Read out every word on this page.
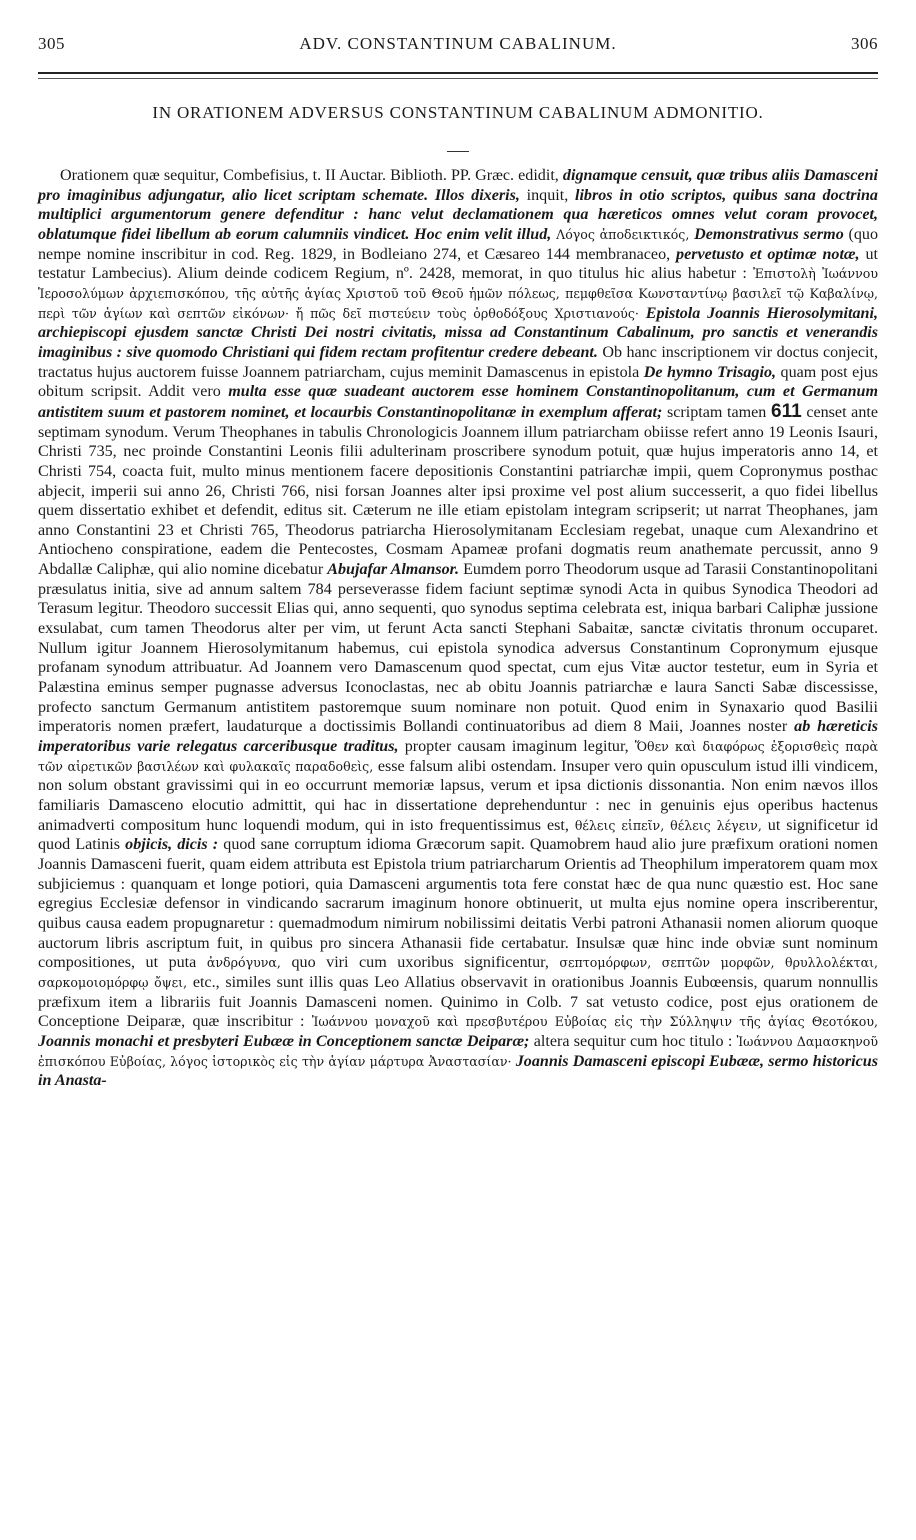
305	ADV. CONSTANTINUM CABALINUM.	306
IN ORATIONEM ADVERSUS CONSTANTINUM CABALINUM ADMONITIO.

Orationem quæ sequitur, Combefisius, t. II Auctar. Biblioth. PP. Græc. edidit, dignamque censuit, quæ tribus aliis Damasceni pro imaginibus adjungatur, alio licet scriptam schemate. Illos dixeris, inquit, libros in otio scriptos, quibus sana doctrina multiplici argumentorum genere defenditur : hanc velut declamationem qua hæreticos omnes velut coram provocet, oblatumque fidei libellum ab eorum calumniis vindicet. Hoc enim velit illud, Λόγος ἀποδεικτικός, Demonstrativus sermo (quo nempe nomine inscribitur in cod. Reg. 1829, in Bodleiano 274, et Cæsareo 144 membranaceo, pervetusto et optimæ notæ, ut testatur Lambecius). Alium deinde codicem Regium, nº. 2428, memorat, in quo titulus hic alius habetur : Ἐπιστολὴ Ἰωάννου Ἱεροσολύμων ἀρχιεπισκόπου, τῆς αὐτῆς ἁγίας Χριστοῦ τοῦ Θεοῦ ἡμῶν πόλεως, πεμφθεῖσα Κωνσταντίνῳ βασιλεῖ τῷ Καβαλίνῳ, περὶ τῶν ἁγίων καὶ σεπτῶν εἰκόνων· ἤ πῶς δεῖ πιστεύειν τοὺς ὀρθοδόξους Χριστιανούς· Epistola Joannis Hierosolymitani, archiepiscopi ejusdem sanctæ Christi Dei nostri civitatis, missa ad Constantinum Cabalinum, pro sanctis et venerandis imaginibus : sive quomodo Christiani qui fidem rectam profitentur credere debeant. Ob hanc inscriptionem vir doctus conjecit, tractatus hujus auctorem fuisse Joannem patriarcham, cujus meminit Damascenus in epistola De hymno Trisagio, quam post ejus obitum scripsit. Addit vero multa esse quæ suadeant auctorem esse hominem Constantinopolitanum, cum et Germanum antistitem suum et pastorem nominet, et locaurbis Constantinopolitanæ in exemplum afferat; scriptam tamen 611 censet ante septimam synodum. Verum Theophanes in tabulis Chronologicis Joannem illum patriarcham obiisse refert anno 19 Leonis Isauri, Christi 735, nec proinde Constantini Leonis filii adulterinam proscribere synodum potuit, quæ hujus imperatoris anno 14, et Christi 754, coacta fuit, multo minus mentionem facere depositionis Constantini patriarchæ impii, quem Copronymus posthac abjecit, imperii sui anno 26, Christi 766, nisi forsan Joannes alter ipsi proxime vel post alium successerit, a quo fidei libellus quem dissertatio exhibet et defendit, editus sit. Cæterum ne ille etiam epistolam integram scripserit; ut narrat Theophanes, jam anno Constantini 23 et Christi 765, Theodorus patriarcha Hierosolymitanam Ecclesiam regebat, unaque cum Alexandrino et Antiocheno conspiratione, eadem die Pentecostes, Cosmam Apameæ profani dogmatis reum anathemate percussit, anno 9 Abdallæ Caliphæ, qui alio nomine dicebatur Abujafar Almansor. Eumdem porro Theodorum usque ad Tarasii Constantinopolitani præsulatus initia, sive ad annum saltem 784 perseverasse fidem faciunt septimæ synodi Acta in quibus Synodica Theodori ad Terasum legitur. Theodoro successit Elias qui, anno sequenti, quo synodus septima celebrata est, iniqua barbari Caliphæ jussione exsulabat, cum tamen Theodorus alter per vim, ut ferunt Acta sancti Stephani Sabaitæ, sanctæ civitatis thronum occuparet. Nullum igitur Joannem Hierosolymitanum habemus, cui epistola synodica adversus Constantinum Copronymum ejusque profanam synodum attribuatur. Ad Joannem vero Damascenum quod spectat, cum ejus Vitæ auctor testetur, eum in Syria et Palæstina eminus semper pugnasse adversus Iconoclastas, nec ab obitu Joannis patriarchæ e laura Sancti Sabæ discessisse, profecto sanctum Germanum antistitem pastoremque suum nominare non potuit. Quod enim in Synaxario quod Basilii imperatoris nomen præfert, laudaturque a doctissimis Bollandi continuatoribus ad diem 8 Maii, Joannes noster ab hæreticis imperatoribus varie relegatus carceribusque traditus, propter causam imaginum legitur, Ὅθεν καὶ διαφόρως ἐξορισθεὶς παρὰ τῶν αἱρετικῶν βασιλέων καὶ φυλακαῖς παραδοθεὶς, esse falsum alibi ostendam. Insuper vero quin opusculum istud illi vindicem, non solum obstant gravissimi qui in eo occurrunt memoriæ lapsus, verum et ipsa dictionis dissonantia. Non enim nævos illos familiaris Damasceno elocutio admittit, qui hac in dissertatione deprehenduntur : nec in genuinis ejus operibus hactenus animadverti compositum hunc loquendi modum, qui in isto frequentissimus est, θέλεις εἰπεῖν, θέλεις λέγειν, ut significetur id quod Latinis objicis, dicis : quod sane corruptum idioma Græcorum sapit. Quamobrem haud alio jure præfixum orationi nomen Joannis Damasceni fuerit, quam eidem attributa est Epistola trium patriarcharum Orientis ad Theophilum imperatorem quam mox subjiciemus : quanquam et longe potiori, quia Damasceni argumentis tota fere constat hæc de qua nunc quæstio est. Hoc sane egregius Ecclesiæ defensor in vindicando sacrarum imaginum honore obtinuerit, ut multa ejus nomine opera inscriberentur, quibus causa eadem propugnaretur : quemadmodum nimirum nobilissimi deitatis Verbi patroni Athanasii nomen aliorum quoque auctorum libris ascriptum fuit, in quibus pro sincera Athanasii fide certabatur. Insulsæ quæ hinc inde obviæ sunt nominum compositiones, ut puta ἀνδρόγυνα, quo viri cum uxoribus significentur, σεπτομόρφων, σεπτῶν μορφῶν, θρυλλολέκται, σαρκομοιομόρφῳ ὄψει, etc., similes sunt illis quas Leo Allatius observavit in orationibus Joannis Eubœensis, quarum nonnullis præfixum item a librariis fuit Joannis Damasceni nomen. Quinimo in Colb. 7 sat vetusto codice, post ejus orationem de Conceptione Deiparæ, quæ inscribitur : Ἰωάννου μοναχοῦ καὶ πρεσβυτέρου Εὐβοίας εἰς τὴν Σύλληψιν τῆς ἁγίας Θεοτόκου, Joannis monachi et presbyteri Eubææ in Conceptionem sanctæ Deiparæ; altera sequitur cum hoc titulo : Ἰωάννου Δαμασκηνοῦ ἐπισκόπου Εὐβοίας, λόγος ἱστορικὸς εἰς τὴν ἁγίαν μάρτυρα Ἀναστασίαν· Joannis Damasceni episcopi Eubææ, sermo historicus in Anasta-
